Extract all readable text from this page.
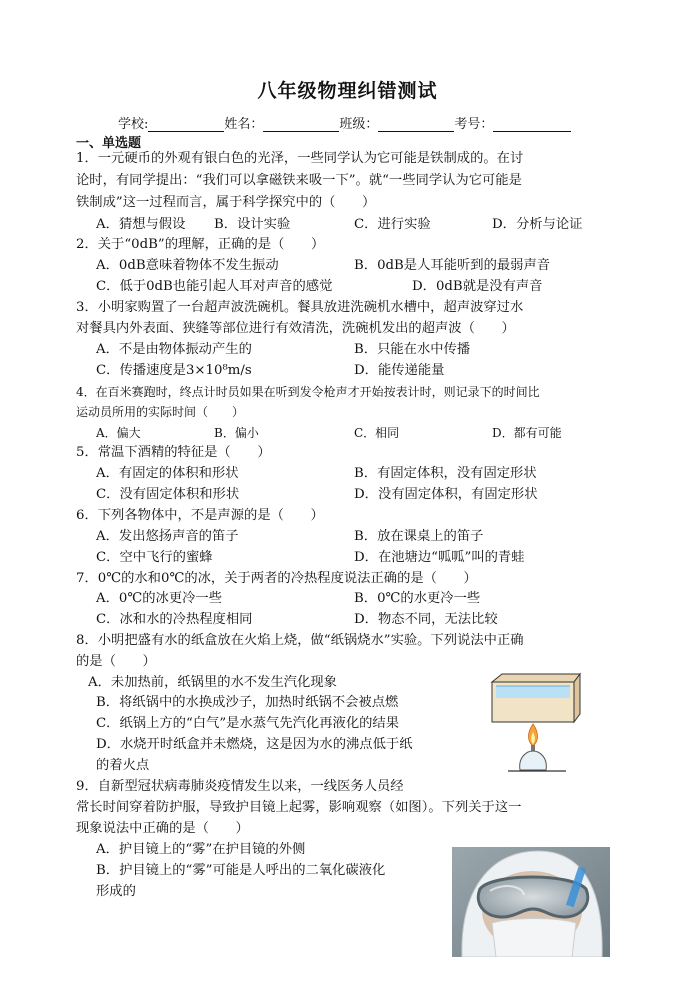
八年级物理纠错测试
学校:	姓名：	班级：	考号：
一、单选题
1．一元硬币的外观有银白色的光泽，一些同学认为它可能是铁制成的。在讨
论时，有同学提出：“我们可以拿磁铁来吸一下”。就“一些同学认为它可能是
铁制成”这一过程而言，属于科学探究中的（　　）
A．猜想与假设 B．设计实验	C．进行实验	D．分析与论证
2．关于“0dB”的理解，正确的是（　　）
A．0dB意味着物体不发生振动	B．0dB是人耳能听到的最弱声音
C．低于0dB也能引起人耳对声音的感觉	D．0dB就是没有声音
3．小明家购置了一台超声波洗碗机。餐具放进洗碗机水槽中，超声波穿过水
对餐具内外表面、狭缝等部位进行有效清洗，洗碗机发出的超声波（　　）
A．不是由物体振动产生的	B．只能在水中传播
C．传播速度是3×10⁸m/s	D．能传递能量
4．在百米赛跑时，终点计时员如果在听到发令枪声才开始按表计时，则记录下的时间比
运动员所用的实际时间（　　）
A．偏大	B．偏小	C．相同	D．都有可能
5．常温下酒精的特征是（　　）
A．有固定的体积和形状	B．有固定体积，没有固定形状
C．没有固定体积和形状	D．没有固定体积，有固定形状
6．下列各物体中，不是声源的是（　　）
A．发出悠扬声音的笛子	B．放在课桌上的笛子
C．空中飞行的蜜蜂	D．在池塘边“呱呱”叫的青蛙
7．0℃的水和0℃的冰，关于两者的冷热程度说法正确的是（　　）
A．0℃的冰更冷一些	B．0℃的水更冷一些
C．冰和水的冷热程度相同	D．物态不同，无法比较
8．小明把盛有水的纸盒放在火焰上烧，做“纸锅烧水”实验。下列说法中正确
的是（　　）
A．未加热前，纸锅里的水不发生汽化现象
B．将纸锅中的水换成沙子，加热时纸锅不会被点燃
C．纸锅上方的“白气”是水蒸气先汽化再液化的结果
D．水烧开时纸盒并未燃烧，这是因为水的沸点低于纸
的着火点
9．自新型冠状病毒肺炎疫情发生以来，一线医务人员经
常长时间穿着防护服，导致护目镜上起雾，影响观察（如图）。下列关于这一
现象说法中正确的是（　　）
A．护目镜上的“雾”在护目镜的外侧
B．护目镜上的“雾”可能是人呼出的二氧化碳液化
形成的
